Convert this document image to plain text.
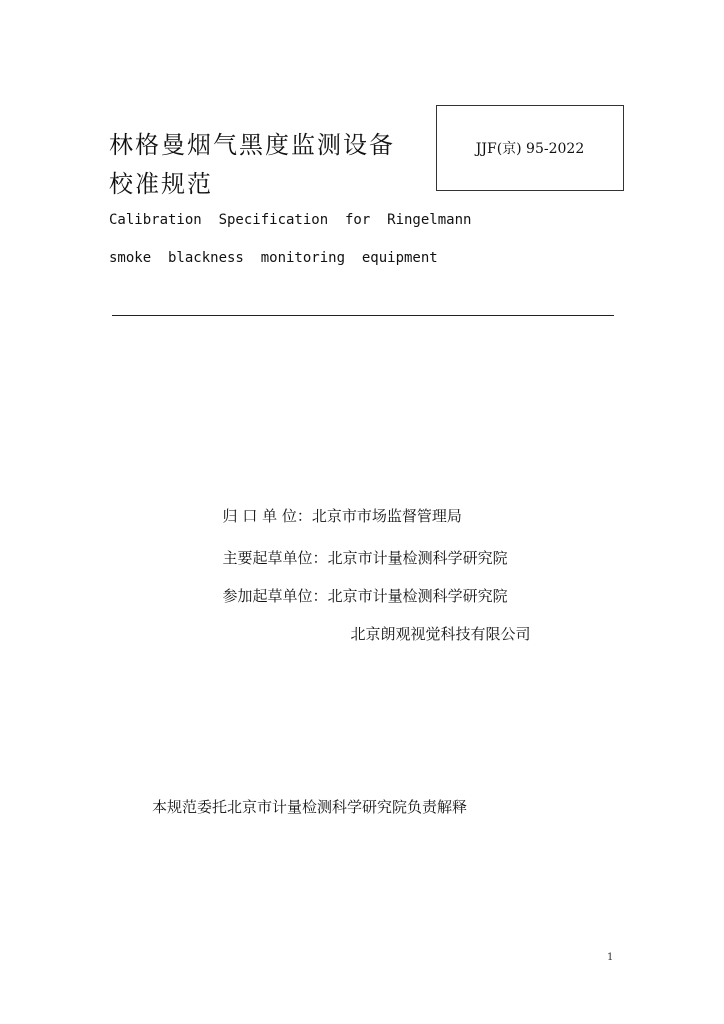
林格曼烟气黑度监测设备
校准规范
JJF(京) 95-2022
Calibration  Specification  for  Ringelmann
smoke  blackness  monitoring  equipment

归 口 单 位：北京市市场监督管理局

主要起草单位：北京市计量检测科学研究院

参加起草单位：北京市计量检测科学研究院

北京朗观视觉科技有限公司

本规范委托北京市计量检测科学研究院负责解释
1
